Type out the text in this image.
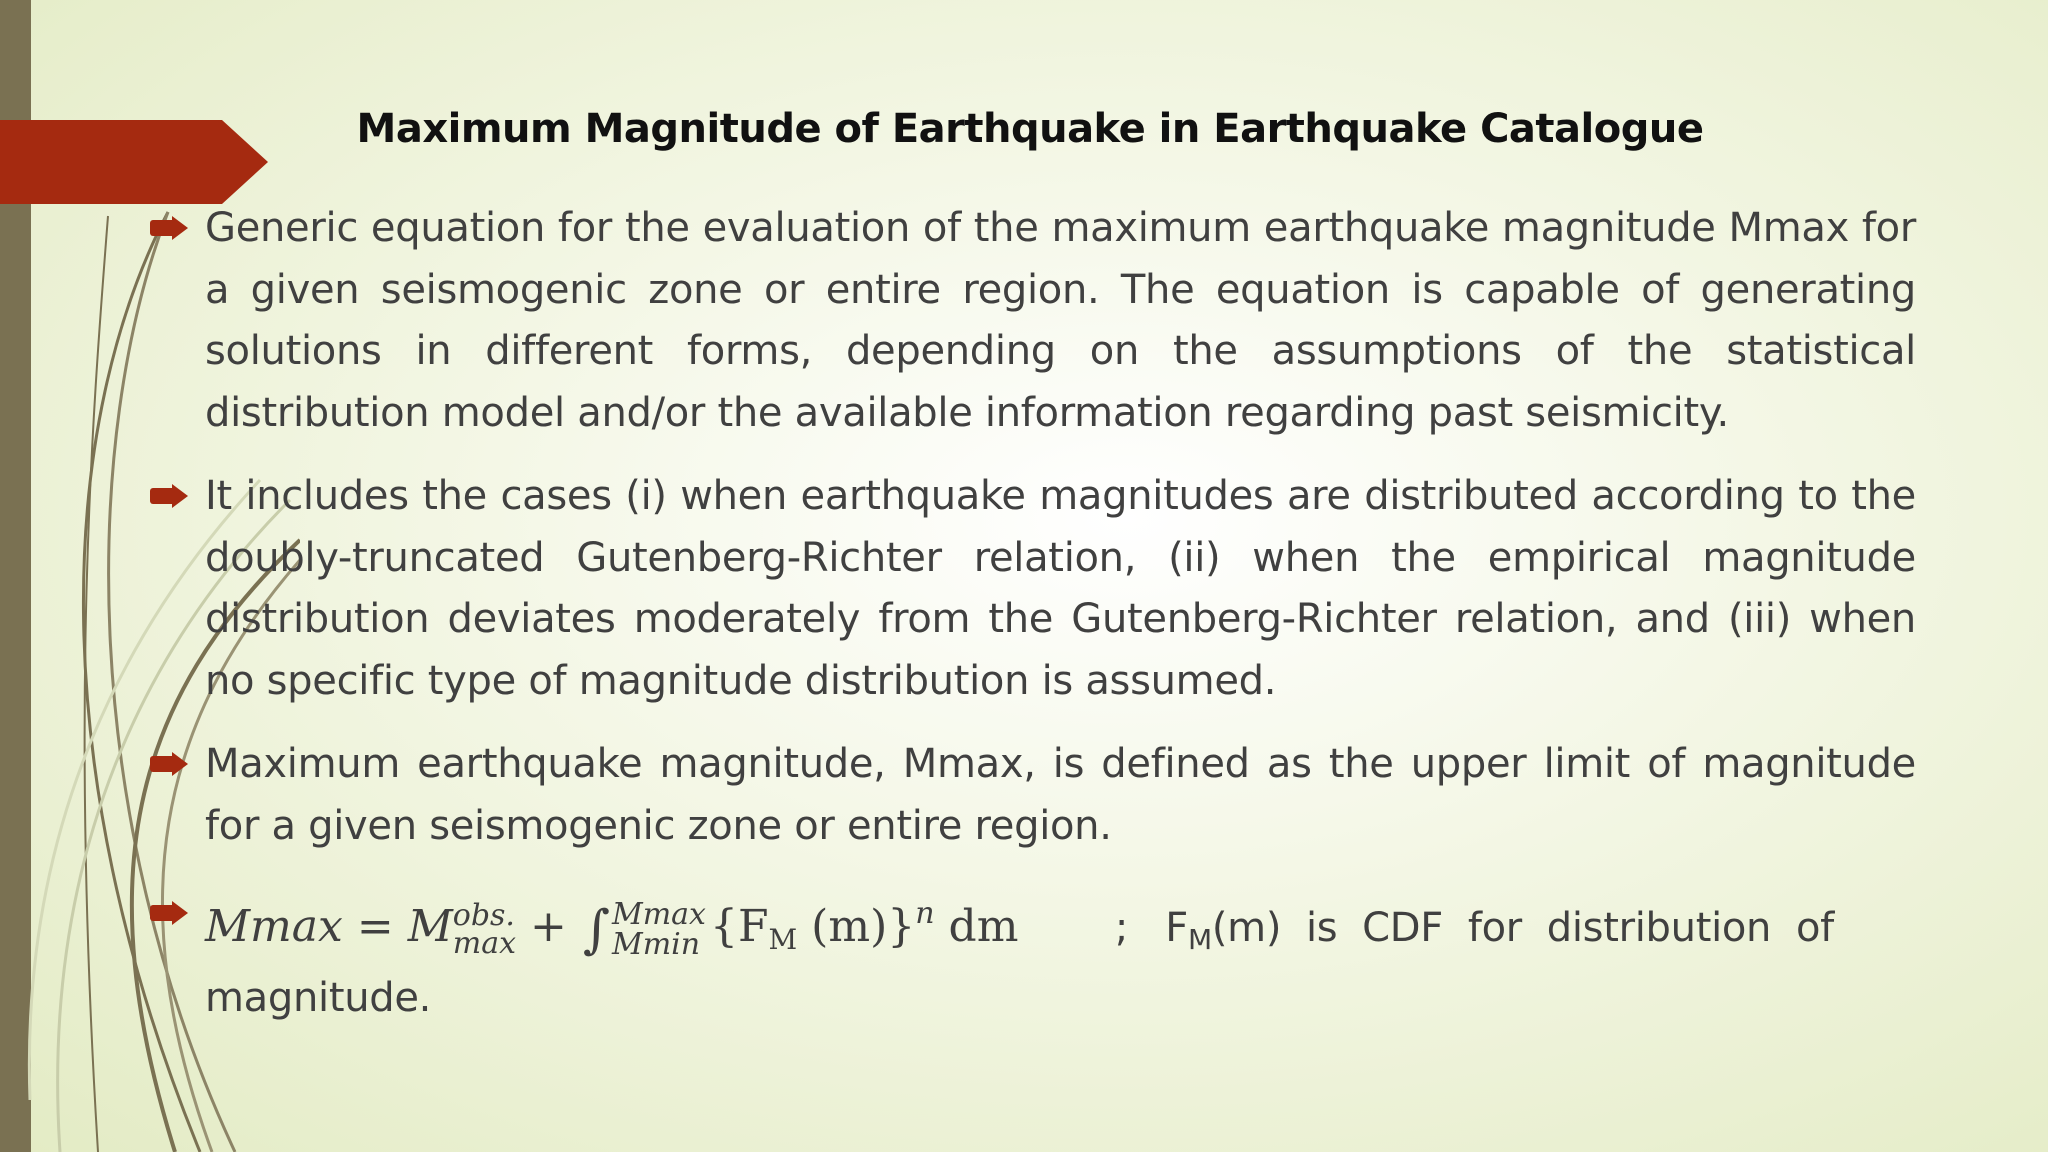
Maximum Magnitude of Earthquake in Earthquake Catalogue
Generic equation for the evaluation of the maximum earthquake magnitude Mmax for a given seismogenic zone or entire region. The equation is capable of generating solutions in different forms, depending on the assumptions of the statistical distribution model and/or the available information regarding past seismicity.
It includes the cases (i) when earthquake magnitudes are distributed according to the doubly-truncated Gutenberg-Richter relation, (ii) when the empirical magnitude distribution deviates moderately from the Gutenberg-Richter relation, and (iii) when no specific type of magnitude distribution is assumed.
Maximum earthquake magnitude, Mmax, is defined as the upper limit of magnitude for a given seismogenic zone or entire region.
Mmax = M obs.
max + ∫ Mmax
Mmin {FM (m)}$^n$ dm ; $F_M(m)$  is  CDF  for  distribution  of
magnitude.
